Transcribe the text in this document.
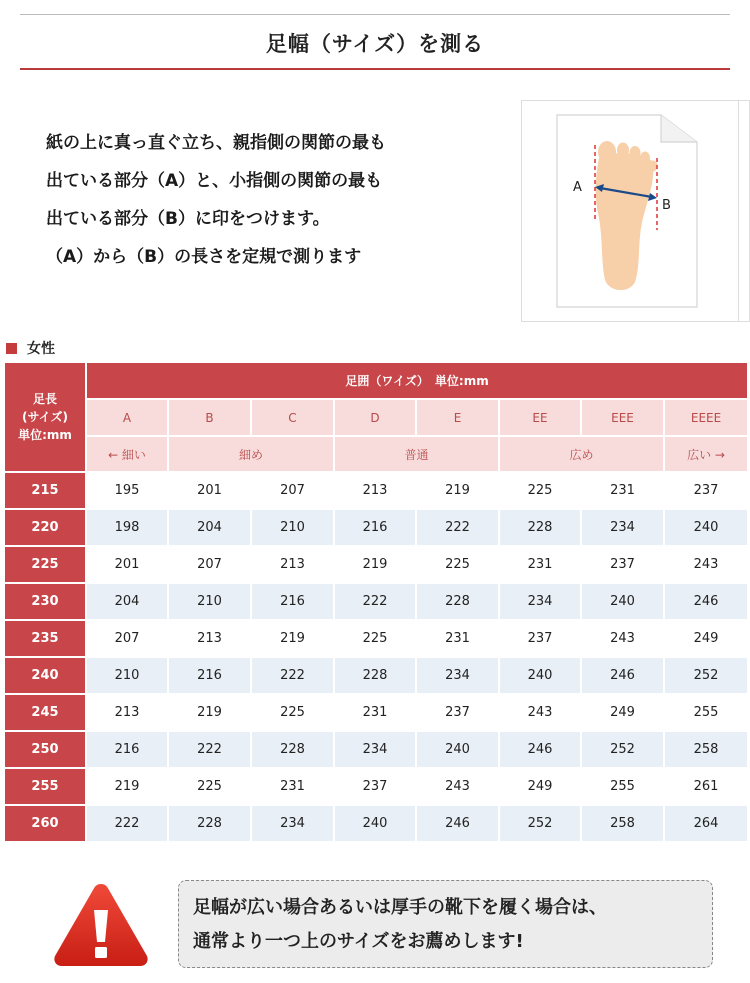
足幅（サイズ）を測る

紙の上に真っ直ぐ立ち、親指側の関節の最も

出ている部分（A）と、小指側の関節の最も

出ている部分（B）に印をつけます。

（A）から（B）の長さを定規で測ります

A
B
女性
足長
(サイズ)
単位:mm	足囲（ワイズ）　単位:mm							
	A	B	C	D	E	EE	EEE	EEEE
	← 細い	細め		普通		広め		広い →
215	195	201	207	213	219	225	231	237
220	198	204	210	216	222	228	234	240
225	201	207	213	219	225	231	237	243
230	204	210	216	222	228	234	240	246
235	207	213	219	225	231	237	243	249
240	210	216	222	228	234	240	246	252
245	213	219	225	231	237	243	249	255
250	216	222	228	234	240	246	252	258
255	219	225	231	237	243	249	255	261
260	222	228	234	240	246	252	258	264

足幅が広い場合あるいは厚手の靴下を履く場合は、

通常より一つ上のサイズをお薦めします!
